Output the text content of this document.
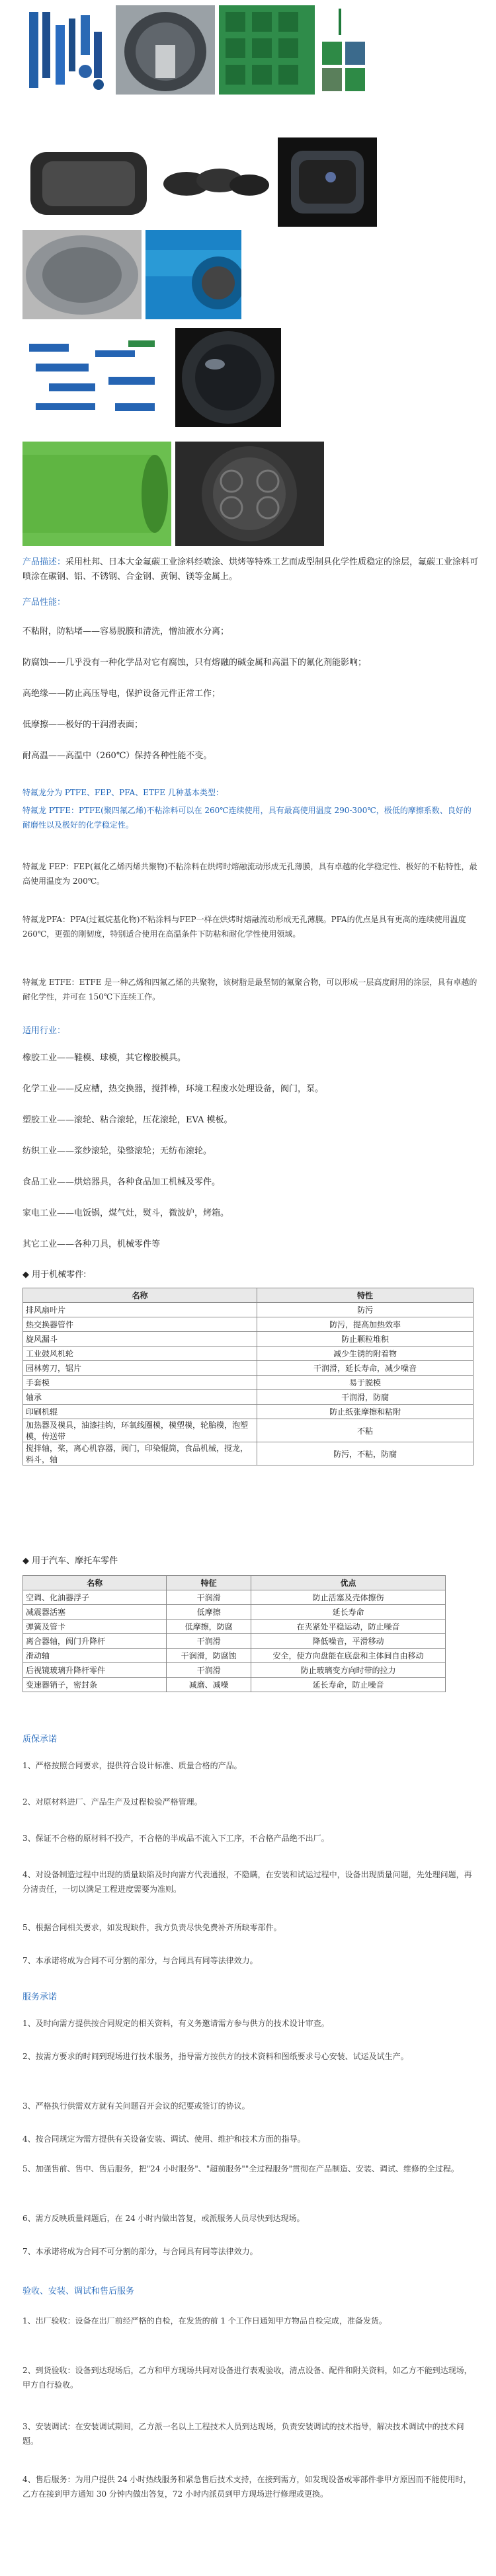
产品描述：采用杜邦、日本大金氟碳工业涂料经喷涂、烘烤等特殊工艺而成型制具化学性质稳定的涂层，氟碳工业涂料可喷涂在碳钢、铝、不锈钢、合金钢、黄铜、镁等金属上。
产品性能：
不粘附，防粘堵——容易脱膜和清洗，憎油液水分离；
防腐蚀——几乎没有一种化学品对它有腐蚀，只有熔融的碱金属和高温下的氟化剂能影响；
高绝缘——防止高压导电，保护设备元件正常工作；
低摩擦——极好的干润滑表面；
耐高温——高温中（260℃）保持各种性能不变。
特氟龙分为 PTFE、FEP、PFA、ETFE 几种基本类型：
特氟龙 PTFE：PTFE(聚四氟乙烯)不粘涂料可以在 260℃连续使用，具有最高使用温度 290-300℃，极低的摩擦系数、良好的耐磨性以及极好的化学稳定性。
特氟龙 FEP：FEP(氟化乙烯丙烯共聚物)不粘涂料在烘烤时熔融流动形成无孔薄膜，具有卓越的化学稳定性、极好的不粘特性，最高使用温度为 200℃。
特氟龙PFA：PFA(过氟烷基化物)不粘涂料与FEP一样在烘烤时熔融流动形成无孔薄膜。PFA的优点是具有更高的连续使用温度 260℃，更强的刚韧度，特别适合使用在高温条件下防粘和耐化学性使用领域。
特氟龙 ETFE：ETFE 是一种乙烯和四氟乙烯的共聚物，该树脂是最坚韧的氟聚合物，可以形成一层高度耐用的涂层，具有卓越的耐化学性，并可在 150℃下连续工作。
适用行业：
橡胶工业——鞋模、球模，其它橡胶模具。
化学工业——反应槽，热交换器，搅拌棒，环境工程废水处理设备，阀门，泵。
塑胶工业——滚轮、粘合滚轮，压花滚轮，EVA 模板。
纺织工业——浆纱滚轮，染整滚轮；无纺布滚轮。
食品工业——烘焙器具，各种食品加工机械及零件。
家电工业——电饭锅，煤气灶，熨斗，微波炉，烤箱。
其它工业——各种刀具，机械零件等
◆ 用于机械零件:
名称	特性
排风扇叶片	防污
热交换器管件	防污，提高加热效率
旋风漏斗	防止颗粒堆积
工业鼓风机轮	减少生锈的附着物
园林剪刀，锯片	干润滑，延长寿命，减少噪音
手套模	易于脱模
轴承	干润滑，防腐
印刷机辊	防止纸张摩擦和粘附
加热器及模具，油漆挂钩，环氧线圈模，模塑模，轮胎模，泡塑模，传送带	不粘
搅拌轴，桨，离心机容器，阀门，印染辊筒，食品机械，搅龙，料斗，轴	防污，不粘，防腐
◆ 用于汽车、摩托车零件
名称	特征	优点
空调、化油器浮子	干润滑	防止活塞及壳体擦伤
减震器活塞	低摩擦	延长寿命
弹簧及管卡	低摩擦，防腐	在夹紧处平稳运动，防止噪音
离合器轴，阀门升降杆	干润滑	降低噪音，平滑移动
滑动轴	干润滑，防腐蚀	安全，使方向盘能在底盘和主体间自由移动
后视镜玻璃升降杆零件	干润滑	防止玻璃变方向时带的拉力
变速器销子，密封条	减磨、减噪	延长寿命，防止噪音
质保承诺
1、严格按照合同要求，提供符合设计标准、质量合格的产品。
2、对原材料进厂、产品生产及过程检验严格管理。
3、保证不合格的原材料不投产，不合格的半成品不流入下工序，不合格产品绝不出厂。
4、对设备制造过程中出现的质量缺陷及时向需方代表通报，不隐瞒，在安装和试运过程中，设备出现质量问题，先处理问题，再分清责任，一切以满足工程进度需要为准则。
5、根据合同相关要求，如发现缺件，我方负责尽快免费补齐所缺零部件。
7、本承诺将成为合同不可分割的部分，与合同具有同等法律效力。
服务承诺
1、及时向需方提供按合同规定的相关资料，有义务邀请需方参与供方的技术设计审查。
2、按需方要求的时间到现场进行技术服务，指导需方按供方的技术资料和图纸要求号心安装、试运及试生产。
3、严格执行供需双方就有关问题召开会议的纪要或签订的协议。
4、按合同规定为需方提供有关设备安装、调试、使用、维护和技术方面的指导。
5、加强售前、售中、售后服务，把"24 小时服务"、"超前服务""全过程服务"贯彻在产品制造、安装、调试、维修的全过程。
6、需方反映质量问题后，在 24 小时内做出答复，或派服务人员尽快到达现场。
7、本承诺将成为合同不可分割的部分，与合同具有同等法律效力。
验收、安装、调试和售后服务
1、出厂验收：设备在出厂前经严格的自检，在发货的前 1 个工作日通知甲方物品自检完成，准备发货。
2、到货验收：设备到达现场后，乙方和甲方现场共同对设备进行表观验收，清点设备、配件和附关资料，如乙方不能到达现场，甲方自行验收。
3、安装调试：在安装调试期间，乙方派一名以上工程技术人员到达现场，负责安装调试的技术指导，解决技术调试中的技术问题。
4、售后服务：为用户提供 24 小时热线服务和紧急售后技术支持，在接到需方，如发现设备或零部件非甲方原因而不能使用时，乙方在接到甲方通知 30 分钟内做出答复，72 小时内派员到甲方现场进行修理或更换。
